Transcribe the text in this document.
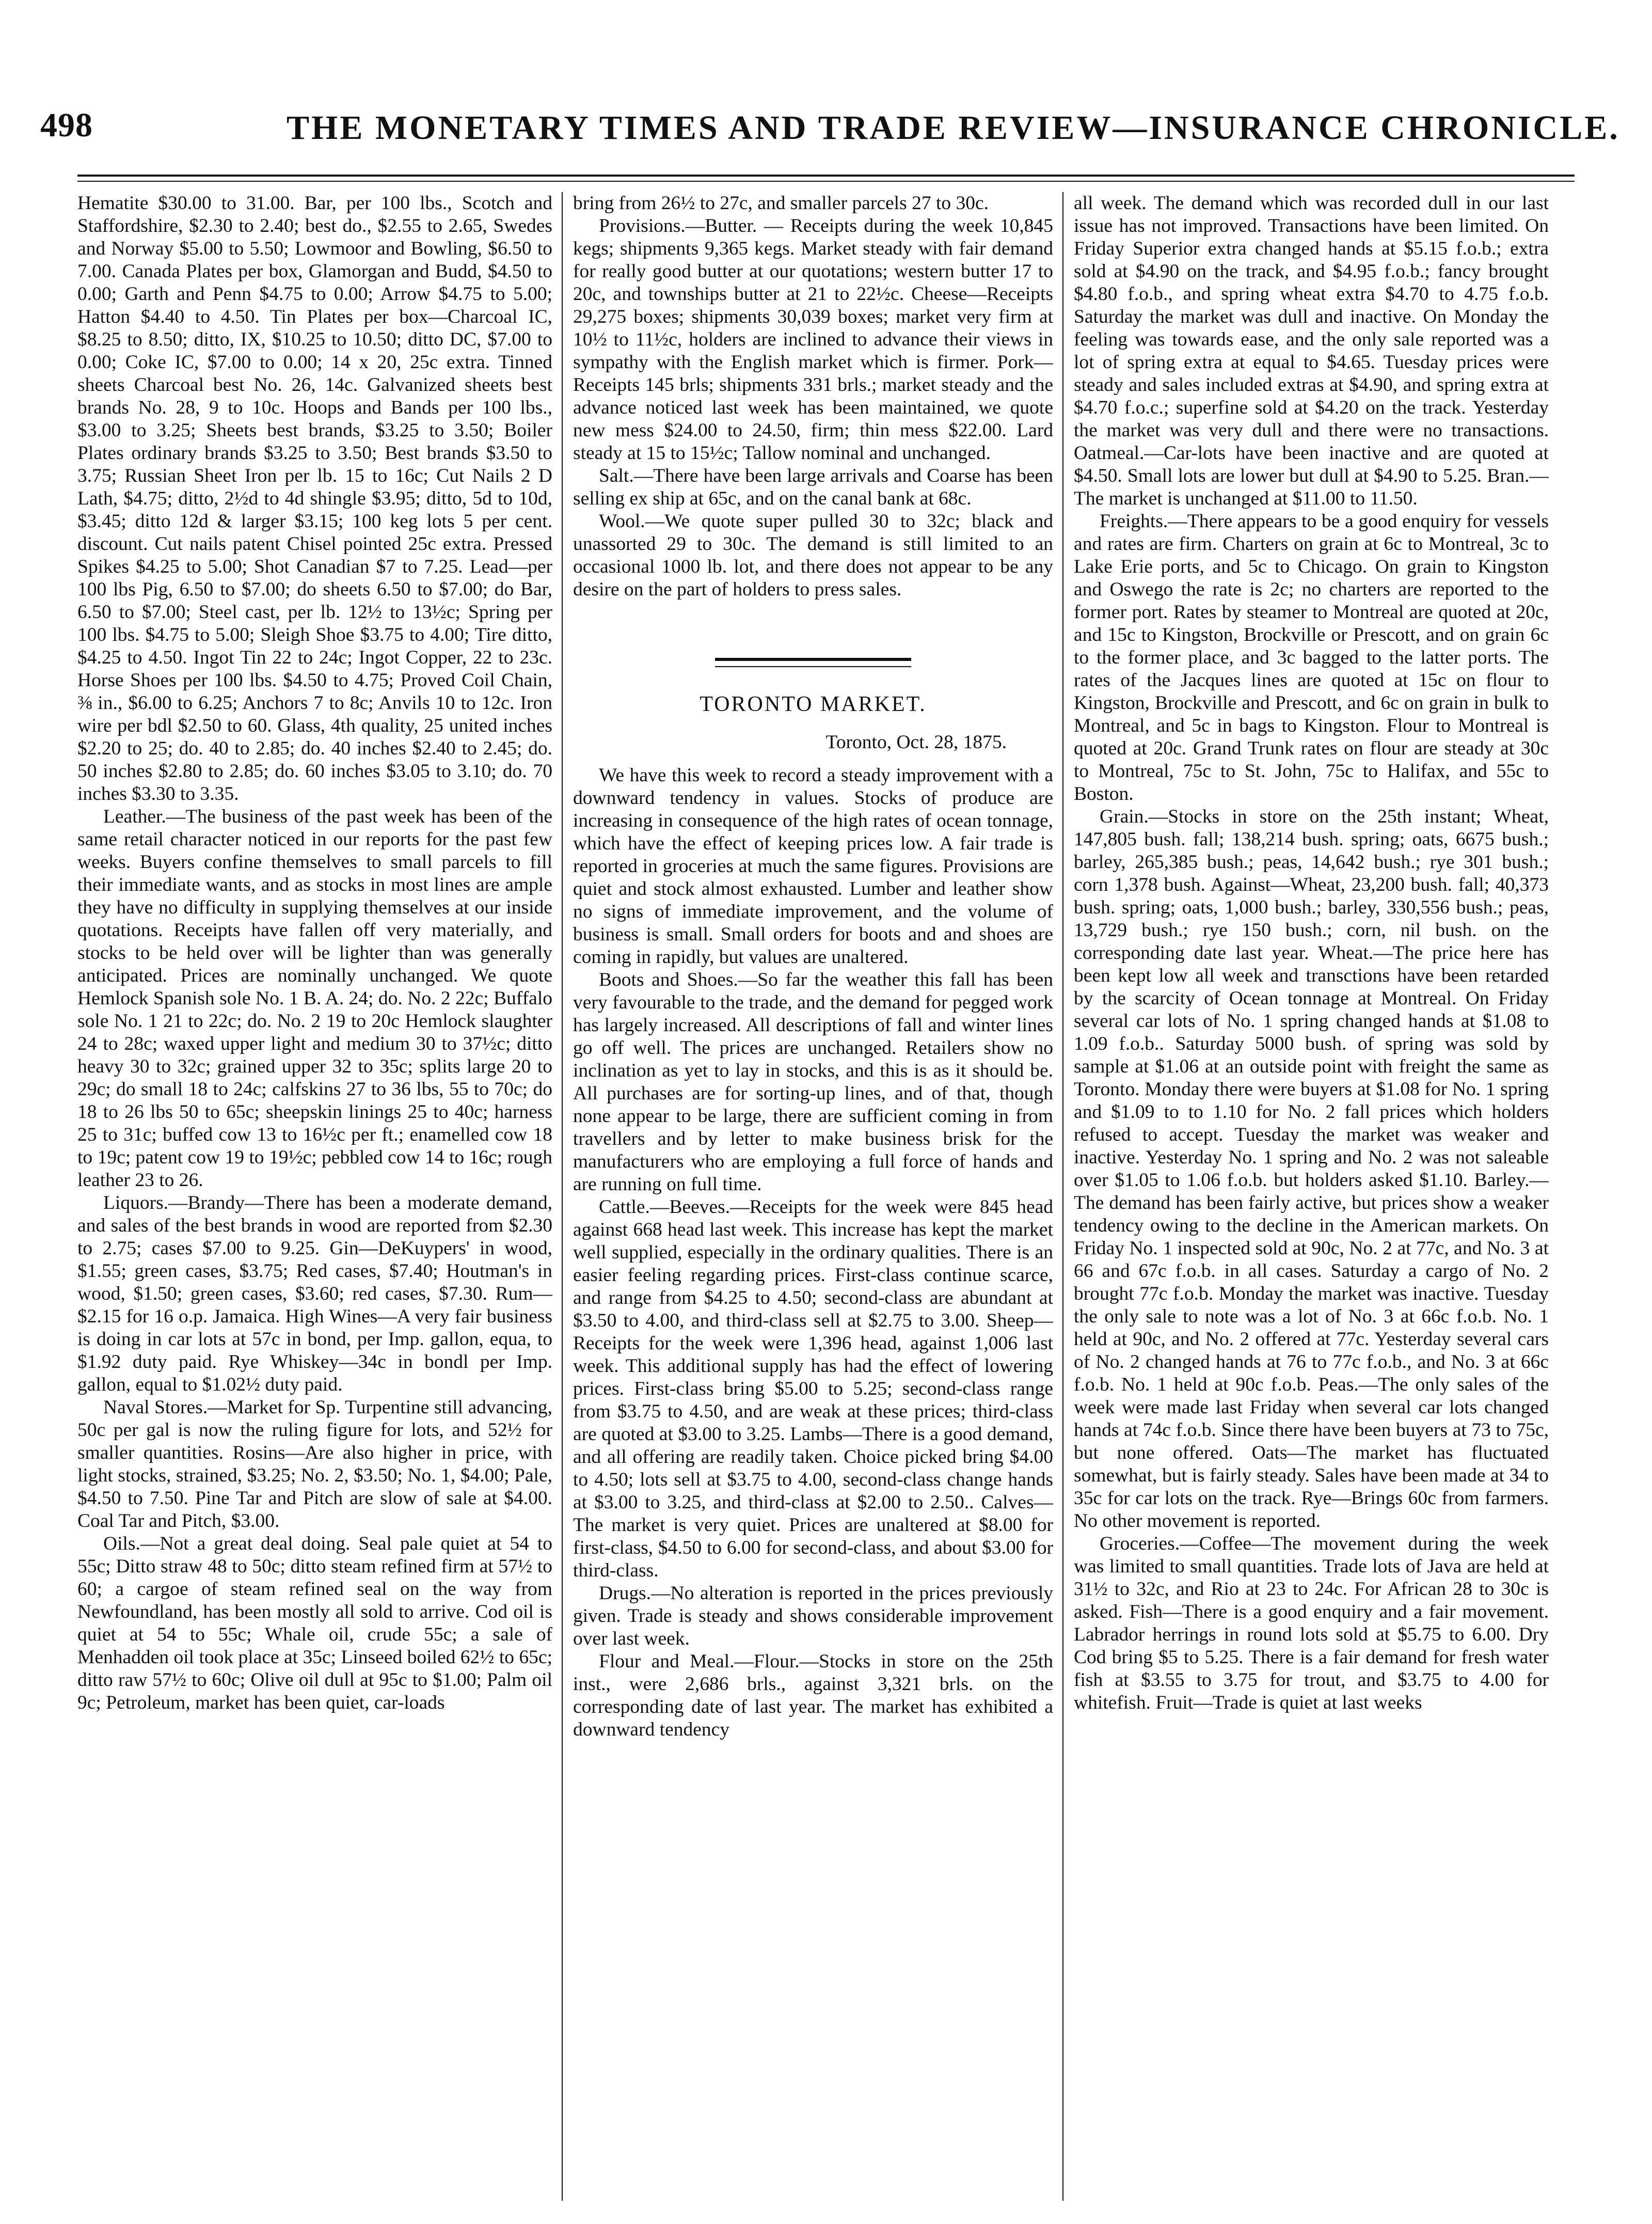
498	THE MONETARY TIMES AND TRADE REVIEW—INSURANCE CHRONICLE.

Hematite $30.00 to 31.00. Bar, per 100 lbs., Scotch and Staffordshire, $2.30 to 2.40; best do., $2.55 to 2.65, Swedes and Norway $5.00 to 5.50; Lowmoor and Bowling, $6.50 to 7.00. Canada Plates per box, Glamorgan and Budd, $4.50 to 0.00; Garth and Penn $4.75 to 0.00; Arrow $4.75 to 5.00; Hatton $4.40 to 4.50. Tin Plates per box—Charcoal IC, $8.25 to 8.50; ditto, IX, $10.25 to 10.50; ditto DC, $7.00 to 0.00; Coke IC, $7.00 to 0.00; 14 x 20, 25c extra. Tinned sheets Charcoal best No. 26, 14c. Galvanized sheets best brands No. 28, 9 to 10c. Hoops and Bands per 100 lbs., $3.00 to 3.25; Sheets best brands, $3.25 to 3.50; Boiler Plates ordinary brands $3.25 to 3.50; Best brands $3.50 to 3.75; Russian Sheet Iron per lb. 15 to 16c; Cut Nails 2 D Lath, $4.75; ditto, 2½d to 4d shingle $3.95; ditto, 5d to 10d, $3.45; ditto 12d & larger $3.15; 100 keg lots 5 per cent. discount. Cut nails patent Chisel pointed 25c extra. Pressed Spikes $4.25 to 5.00; Shot Canadian $7 to 7.25. Lead—per 100 lbs Pig, 6.50 to $7.00; do sheets 6.50 to $7.00; do Bar, 6.50 to $7.00; Steel cast, per lb. 12½ to 13½c; Spring per 100 lbs. $4.75 to 5.00; Sleigh Shoe $3.75 to 4.00; Tire ditto, $4.25 to 4.50. Ingot Tin 22 to 24c; Ingot Copper, 22 to 23c. Horse Shoes per 100 lbs. $4.50 to 4.75; Proved Coil Chain, ⅜ in., $6.00 to 6.25; Anchors 7 to 8c; Anvils 10 to 12c. Iron wire per bdl $2.50 to 60. Glass, 4th quality, 25 united inches $2.20 to 25; do. 40 to 2.85; do. 40 inches $2.40 to 2.45; do. 50 inches $2.80 to 2.85; do. 60 inches $3.05 to 3.10; do. 70 inches $3.30 to 3.35.

Leather.—The business of the past week has been of the same retail character noticed in our reports for the past few weeks. Buyers confine themselves to small parcels to fill their immediate wants, and as stocks in most lines are ample they have no difficulty in supplying themselves at our inside quotations. Receipts have fallen off very materially, and stocks to be held over will be lighter than was generally anticipated. Prices are nominally unchanged. We quote Hemlock Spanish sole No. 1 B. A. 24; do. No. 2 22c; Buffalo sole No. 1 21 to 22c; do. No. 2 19 to 20c Hemlock slaughter 24 to 28c; waxed upper light and medium 30 to 37½c; ditto heavy 30 to 32c; grained upper 32 to 35c; splits large 20 to 29c; do small 18 to 24c; calfskins 27 to 36 lbs, 55 to 70c; do 18 to 26 lbs 50 to 65c; sheepskin linings 25 to 40c; harness 25 to 31c; buffed cow 13 to 16½c per ft.; enamelled cow 18 to 19c; patent cow 19 to 19½c; pebbled cow 14 to 16c; rough leather 23 to 26.

Liquors.—Brandy—There has been a moderate demand, and sales of the best brands in wood are reported from $2.30 to 2.75; cases $7.00 to 9.25. Gin—DeKuypers' in wood, $1.55; green cases, $3.75; Red cases, $7.40; Houtman's in wood, $1.50; green cases, $3.60; red cases, $7.30. Rum—$2.15 for 16 o.p. Jamaica. High Wines—A very fair business is doing in car lots at 57c in bond, per Imp. gallon, equa, to $1.92 duty paid. Rye Whiskey—34c in bondl per Imp. gallon, equal to $1.02½ duty paid.

Naval Stores.—Market for Sp. Turpentine still advancing, 50c per gal is now the ruling figure for lots, and 52½ for smaller quantities. Rosins—Are also higher in price, with light stocks, strained, $3.25; No. 2, $3.50; No. 1, $4.00; Pale, $4.50 to 7.50. Pine Tar and Pitch are slow of sale at $4.00. Coal Tar and Pitch, $3.00.

Oils.—Not a great deal doing. Seal pale quiet at 54 to 55c; Ditto straw 48 to 50c; ditto steam refined firm at 57½ to 60; a cargoe of steam refined seal on the way from Newfoundland, has been mostly all sold to arrive. Cod oil is quiet at 54 to 55c; Whale oil, crude 55c; a sale of Menhadden oil took place at 35c; Linseed boiled 62½ to 65c; ditto raw 57½ to 60c; Olive oil dull at 95c to $1.00; Palm oil 9c; Petroleum, market has been quiet, car-loads

bring from 26½ to 27c, and smaller parcels 27 to 30c.

Provisions.—Butter. — Receipts during the week 10,845 kegs; shipments 9,365 kegs. Market steady with fair demand for really good butter at our quotations; western butter 17 to 20c, and townships butter at 21 to 22½c. Cheese—Receipts 29,275 boxes; shipments 30,039 boxes; market very firm at 10½ to 11½c, holders are inclined to advance their views in sympathy with the English market which is firmer. Pork—Receipts 145 brls; shipments 331 brls.; market steady and the advance noticed last week has been maintained, we quote new mess $24.00 to 24.50, firm; thin mess $22.00. Lard steady at 15 to 15½c; Tallow nominal and unchanged.

Salt.—There have been large arrivals and Coarse has been selling ex ship at 65c, and on the canal bank at 68c.

Wool.—We quote super pulled 30 to 32c; black and unassorted 29 to 30c. The demand is still limited to an occasional 1000 lb. lot, and there does not appear to be any desire on the part of holders to press sales.

TORONTO MARKET.
Toronto, Oct. 28, 1875.

We have this week to record a steady improvement with a downward tendency in values. Stocks of produce are increasing in consequence of the high rates of ocean tonnage, which have the effect of keeping prices low. A fair trade is reported in groceries at much the same figures. Provisions are quiet and stock almost exhausted. Lumber and leather show no signs of immediate improvement, and the volume of business is small. Small orders for boots and and shoes are coming in rapidly, but values are unaltered.

Boots and Shoes.—So far the weather this fall has been very favourable to the trade, and the demand for pegged work has largely increased. All descriptions of fall and winter lines go off well. The prices are unchanged. Retailers show no inclination as yet to lay in stocks, and this is as it should be. All purchases are for sorting-up lines, and of that, though none appear to be large, there are sufficient coming in from travellers and by letter to make business brisk for the manufacturers who are employing a full force of hands and are running on full time.

Cattle.—Beeves.—Receipts for the week were 845 head against 668 head last week. This increase has kept the market well supplied, especially in the ordinary qualities. There is an easier feeling regarding prices. First-class continue scarce, and range from $4.25 to 4.50; second-class are abundant at $3.50 to 4.00, and third-class sell at $2.75 to 3.00. Sheep—Receipts for the week were 1,396 head, against 1,006 last week. This additional supply has had the effect of lowering prices. First-class bring $5.00 to 5.25; second-class range from $3.75 to 4.50, and are weak at these prices; third-class are quoted at $3.00 to 3.25. Lambs—There is a good demand, and all offering are readily taken. Choice picked bring $4.00 to 4.50; lots sell at $3.75 to 4.00, second-class change hands at $3.00 to 3.25, and third-class at $2.00 to 2.50.. Calves—The market is very quiet. Prices are unaltered at $8.00 for first-class, $4.50 to 6.00 for second-class, and about $3.00 for third-class.

Drugs.—No alteration is reported in the prices previously given. Trade is steady and shows considerable improvement over last week.

Flour and Meal.—Flour.—Stocks in store on the 25th inst., were 2,686 brls., against 3,321 brls. on the corresponding date of last year. The market has exhibited a downward tendency

all week. The demand which was recorded dull in our last issue has not improved. Transactions have been limited. On Friday Superior extra changed hands at $5.15 f.o.b.; extra sold at $4.90 on the track, and $4.95 f.o.b.; fancy brought $4.80 f.o.b., and spring wheat extra $4.70 to 4.75 f.o.b. Saturday the market was dull and inactive. On Monday the feeling was towards ease, and the only sale reported was a lot of spring extra at equal to $4.65. Tuesday prices were steady and sales included extras at $4.90, and spring extra at $4.70 f.o.c.; superfine sold at $4.20 on the track. Yesterday the market was very dull and there were no transactions. Oatmeal.—Car-lots have been inactive and are quoted at $4.50. Small lots are lower but dull at $4.90 to 5.25. Bran.—The market is unchanged at $11.00 to 11.50.

Freights.—There appears to be a good enquiry for vessels and rates are firm. Charters on grain at 6c to Montreal, 3c to Lake Erie ports, and 5c to Chicago. On grain to Kingston and Oswego the rate is 2c; no charters are reported to the former port. Rates by steamer to Montreal are quoted at 20c, and 15c to Kingston, Brockville or Prescott, and on grain 6c to the former place, and 3c bagged to the latter ports. The rates of the Jacques lines are quoted at 15c on flour to Kingston, Brockville and Prescott, and 6c on grain in bulk to Montreal, and 5c in bags to Kingston. Flour to Montreal is quoted at 20c. Grand Trunk rates on flour are steady at 30c to Montreal, 75c to St. John, 75c to Halifax, and 55c to Boston.

Grain.—Stocks in store on the 25th instant; Wheat, 147,805 bush. fall; 138,214 bush. spring; oats, 6675 bush.; barley, 265,385 bush.; peas, 14,642 bush.; rye 301 bush.; corn 1,378 bush. Against—Wheat, 23,200 bush. fall; 40,373 bush. spring; oats, 1,000 bush.; barley, 330,556 bush.; peas, 13,729 bush.; rye 150 bush.; corn, nil bush. on the corresponding date last year. Wheat.—The price here has been kept low all week and transctions have been retarded by the scarcity of Ocean tonnage at Montreal. On Friday several car lots of No. 1 spring changed hands at $1.08 to 1.09 f.o.b.. Saturday 5000 bush. of spring was sold by sample at $1.06 at an outside point with freight the same as Toronto. Monday there were buyers at $1.08 for No. 1 spring and $1.09 to to 1.10 for No. 2 fall prices which holders refused to accept. Tuesday the market was weaker and inactive. Yesterday No. 1 spring and No. 2 was not saleable over $1.05 to 1.06 f.o.b. but holders asked $1.10. Barley.—The demand has been fairly active, but prices show a weaker tendency owing to the decline in the American markets. On Friday No. 1 inspected sold at 90c, No. 2 at 77c, and No. 3 at 66 and 67c f.o.b. in all cases. Saturday a cargo of No. 2 brought 77c f.o.b. Monday the market was inactive. Tuesday the only sale to note was a lot of No. 3 at 66c f.o.b. No. 1 held at 90c, and No. 2 offered at 77c. Yesterday several cars of No. 2 changed hands at 76 to 77c f.o.b., and No. 3 at 66c f.o.b. No. 1 held at 90c f.o.b. Peas.—The only sales of the week were made last Friday when several car lots changed hands at 74c f.o.b. Since there have been buyers at 73 to 75c, but none offered. Oats—The market has fluctuated somewhat, but is fairly steady. Sales have been made at 34 to 35c for car lots on the track. Rye—Brings 60c from farmers. No other movement is reported.

Groceries.—Coffee—The movement during the week was limited to small quantities. Trade lots of Java are held at 31½ to 32c, and Rio at 23 to 24c. For African 28 to 30c is asked. Fish—There is a good enquiry and a fair movement. Labrador herrings in round lots sold at $5.75 to 6.00. Dry Cod bring $5 to 5.25. There is a fair demand for fresh water fish at $3.55 to 3.75 for trout, and $3.75 to 4.00 for whitefish. Fruit—Trade is quiet at last weeks
